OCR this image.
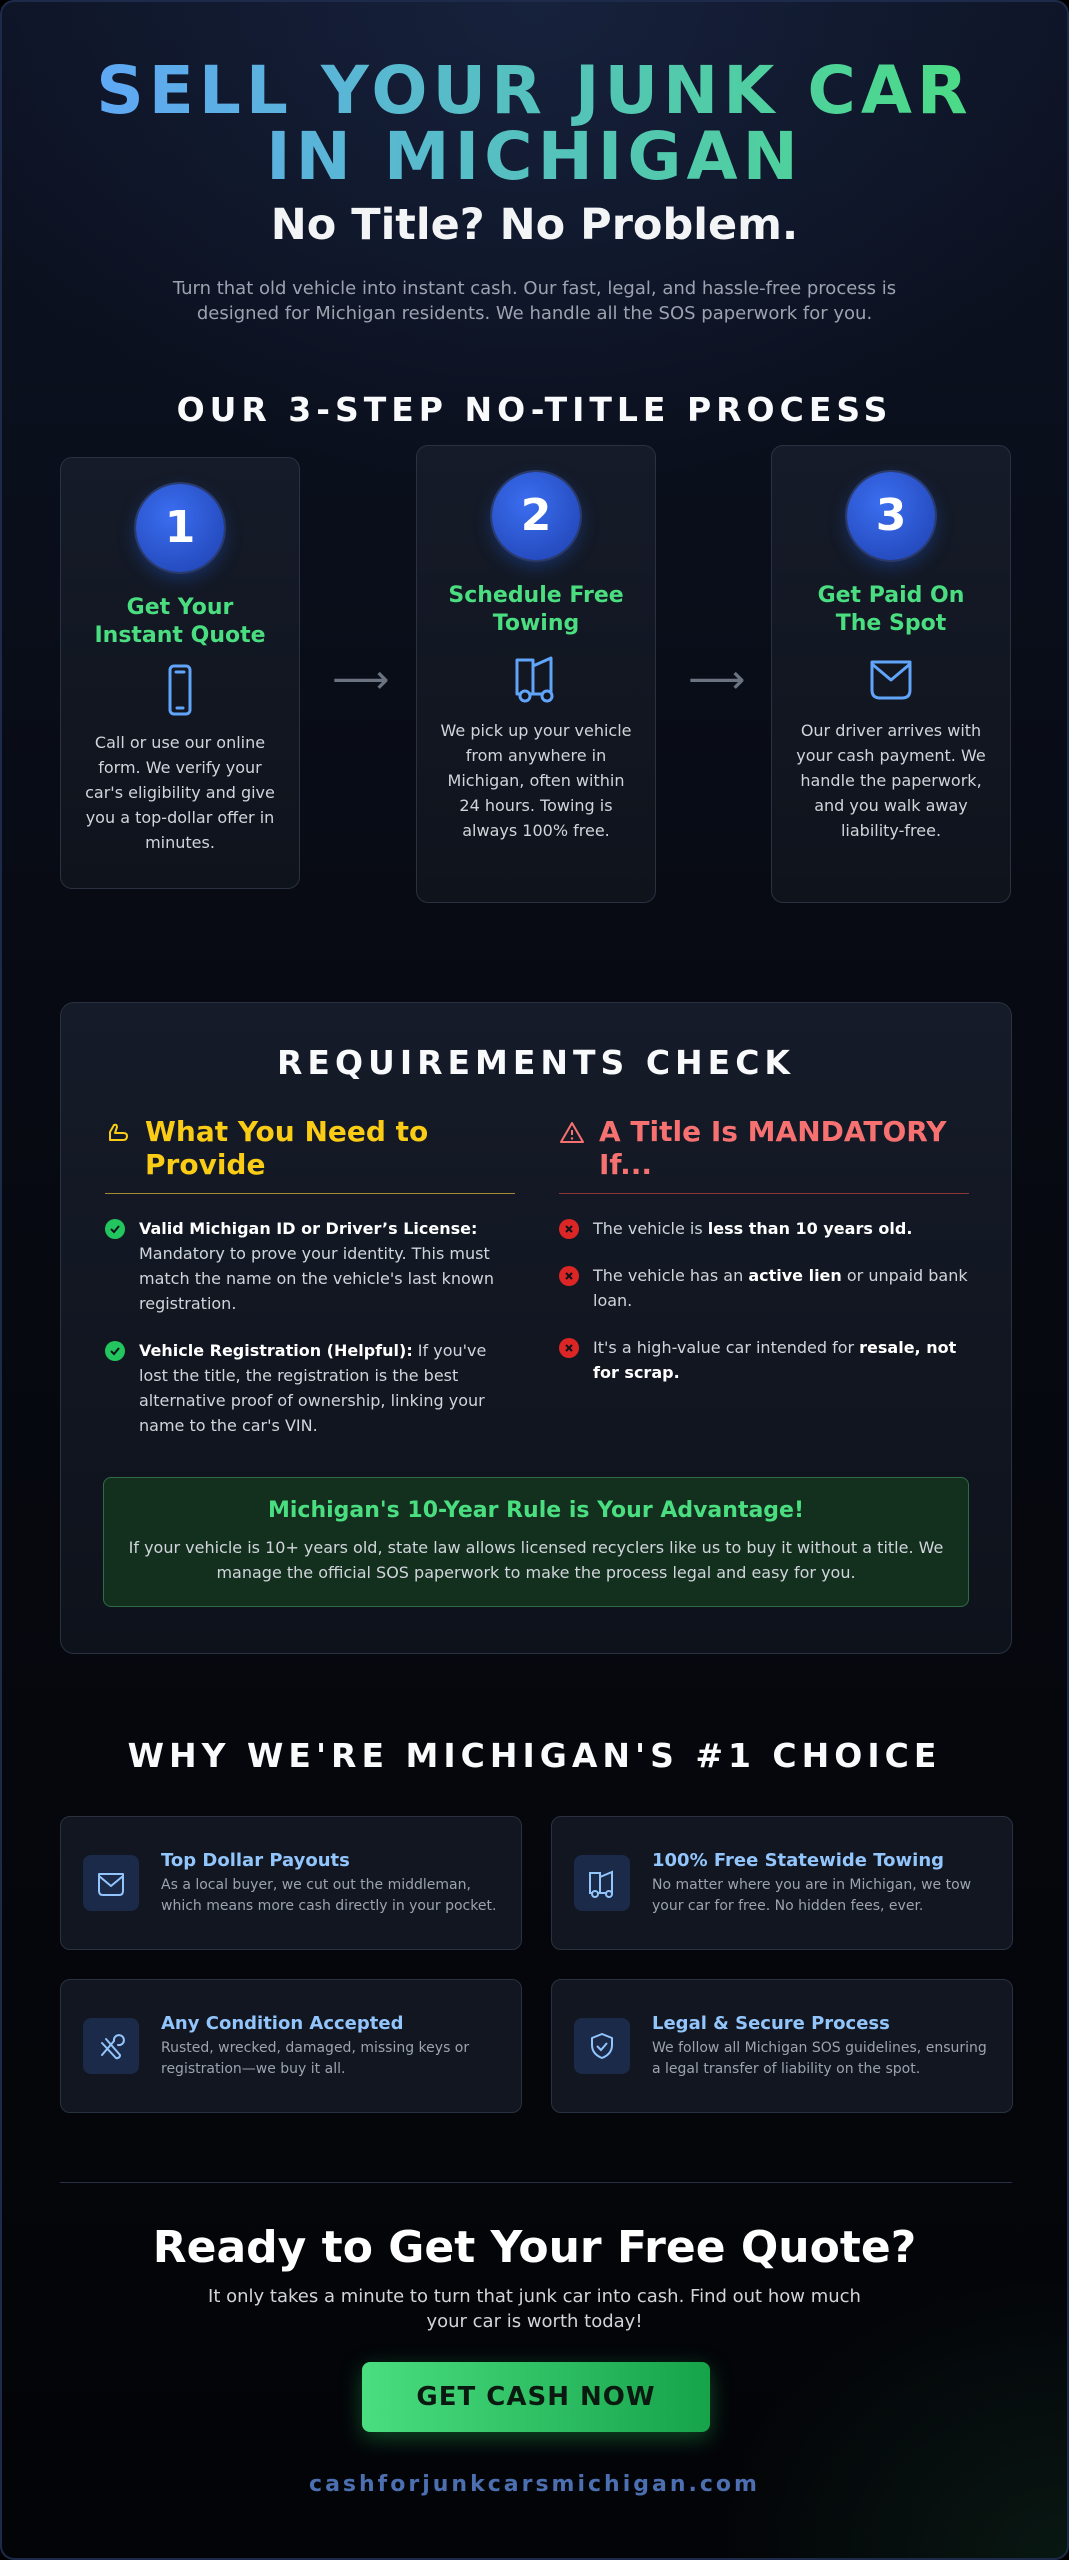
SELL YOUR JUNK CAR IN MICHIGAN
No Title? No Problem.

Turn that old vehicle into instant cash. Our fast, legal, and hassle-free process is designed for Michigan residents. We handle all the SOS paperwork for you.

OUR 3-STEP NO-TITLE PROCESS
1
Get Your Instant Quote

Call or use our online form. We verify your car's eligibility and give you a top-dollar offer in minutes.

⟶
2
Schedule Free Towing

We pick up your vehicle from anywhere in Michigan, often within 24 hours. Towing is always 100% free.

⟶
3
Get Paid On The Spot

Our driver arrives with your cash payment. We handle the paperwork, and you walk away liability-free.

REQUIREMENTS CHECK
What You Need to Provide

Valid Michigan ID or Driver’s License: Mandatory to prove your identity. This must match the name on the vehicle's last known registration.

Vehicle Registration (Helpful): If you've lost the title, the registration is the best alternative proof of ownership, linking your name to the car's VIN.

A Title Is MANDATORY If...

The vehicle is less than 10 years old.

The vehicle has an active lien or unpaid bank loan.

It's a high-value car intended for resale, not for scrap.

Michigan's 10-Year Rule is Your Advantage!

If your vehicle is 10+ years old, state law allows licensed recyclers like us to buy it without a title. We manage the official SOS paperwork to make the process legal and easy for you.

WHY WE'RE MICHIGAN'S #1 CHOICE
Top Dollar Payouts
As a local buyer, we cut out the middleman, which means more cash directly in your pocket.
100% Free Statewide Towing
No matter where you are in Michigan, we tow your car for free. No hidden fees, ever.
Any Condition Accepted
Rusted, wrecked, damaged, missing keys or registration—we buy it all.
Legal & Secure Process
We follow all Michigan SOS guidelines, ensuring a legal transfer of liability on the spot.
Ready to Get Your Free Quote?

It only takes a minute to turn that junk car into cash. Find out how much your car is worth today!

GET CASH NOW
cashforjunkcarsmichigan.com
